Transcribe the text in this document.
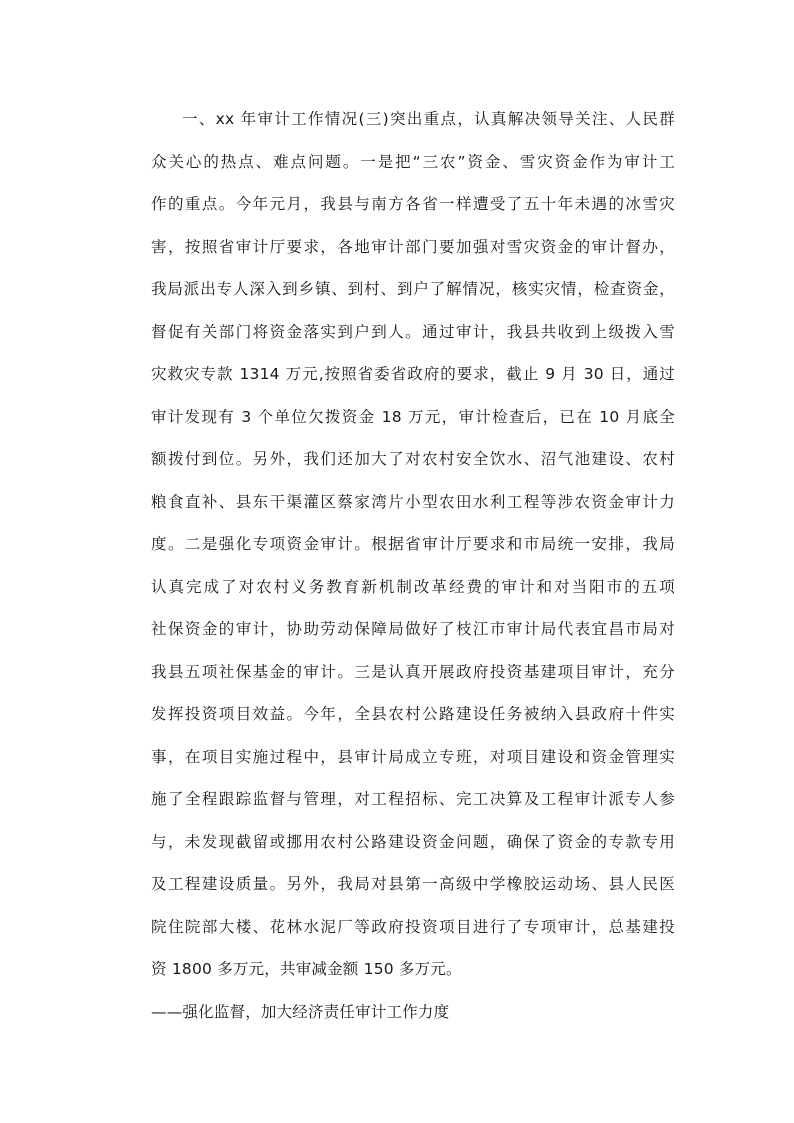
一、xx 年审计工作情况(三)突出重点，认真解决领导关注、人民群
众关心的热点、难点问题。一是把“三农”资金、雪灾资金作为审计工
作的重点。今年元月，我县与南方各省一样遭受了五十年未遇的冰雪灾
害，按照省审计厅要求，各地审计部门要加强对雪灾资金的审计督办，
我局派出专人深入到乡镇、到村、到户了解情况，核实灾情，检查资金，
督促有关部门将资金落实到户到人。通过审计，我县共收到上级拨入雪
灾救灾专款 1314 万元,按照省委省政府的要求，截止 9 月 30 日，通过
审计发现有 3 个单位欠拨资金 18 万元，审计检查后，已在 10 月底全
额拨付到位。另外，我们还加大了对农村安全饮水、沼气池建设、农村
粮食直补、县东干渠灌区蔡家湾片小型农田水利工程等涉农资金审计力
度。二是强化专项资金审计。根据省审计厅要求和市局统一安排，我局
认真完成了对农村义务教育新机制改革经费的审计和对当阳市的五项
社保资金的审计，协助劳动保障局做好了枝江市审计局代表宜昌市局对
我县五项社保基金的审计。三是认真开展政府投资基建项目审计，充分
发挥投资项目效益。今年，全县农村公路建设任务被纳入县政府十件实
事，在项目实施过程中，县审计局成立专班，对项目建设和资金管理实
施了全程跟踪监督与管理，对工程招标、完工决算及工程审计派专人参
与，未发现截留或挪用农村公路建设资金问题，确保了资金的专款专用
及工程建设质量。另外，我局对县第一高级中学橡胶运动场、县人民医
院住院部大楼、花林水泥厂等政府投资项目进行了专项审计，总基建投
资 1800 多万元，共审减金额 150 多万元。
——强化监督，加大经济责任审计工作力度
